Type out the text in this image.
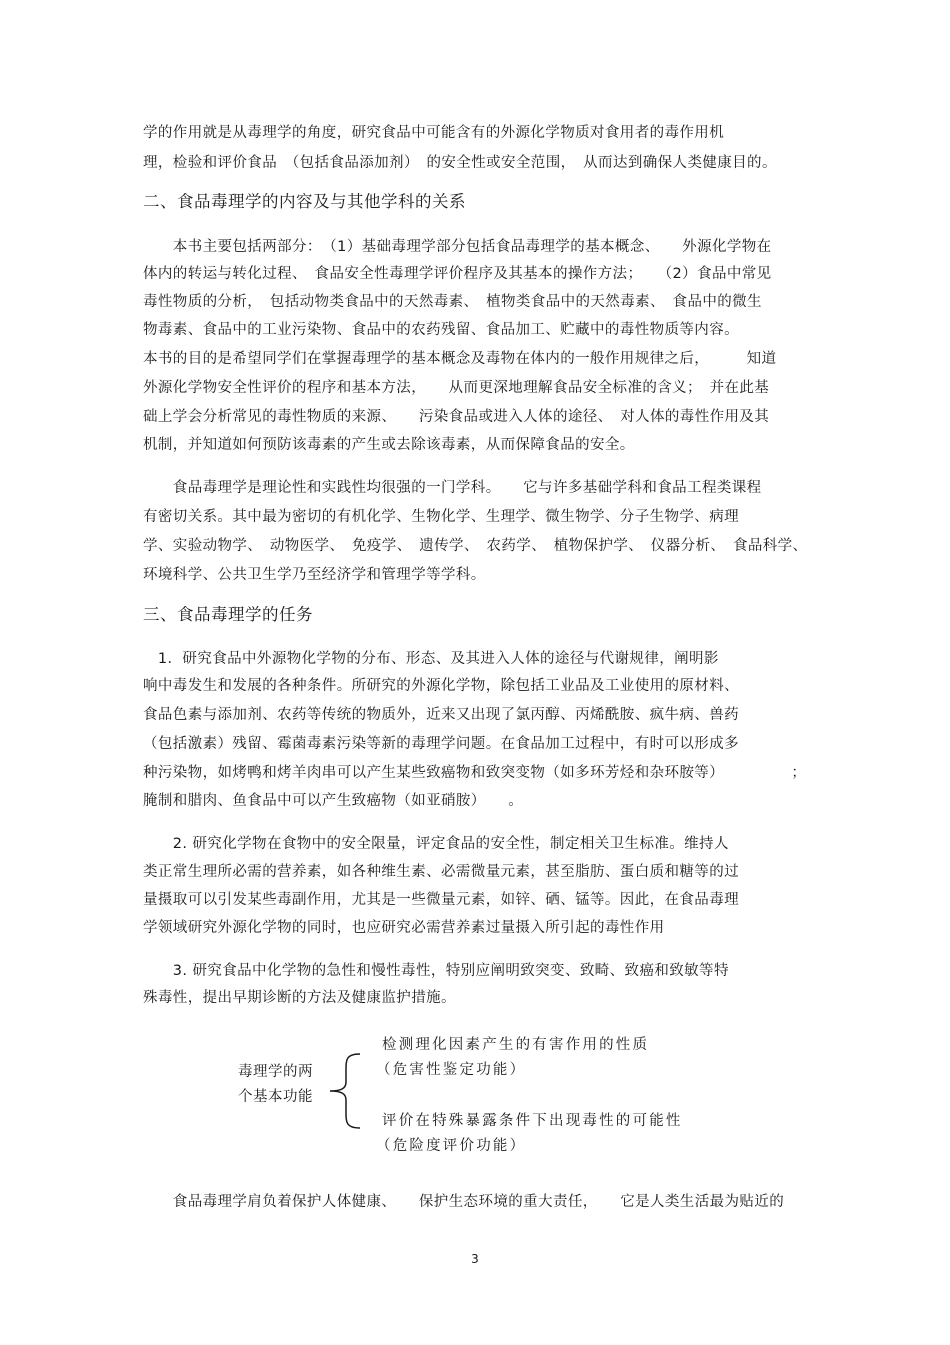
学的作用就是从毒理学的角度，研究食品中可能含有的外源化学物质对食用者的毒作用机
理，检验和评价食品　（包括食品添加剂）　的安全性或安全范围，　从而达到确保人类健康目的。
二、食品毒理学的内容及与其他学科的关系
　　本书主要包括两部分：　（1）基础毒理学部分包括食品毒理学的基本概念、　　外源化学物在
体内的转运与转化过程、　食品安全性毒理学评价程序及其基本的操作方法；　　（2）食品中常见
毒性物质的分析，　包括动物类食品中的天然毒素、　植物类食品中的天然毒素、　食品中的微生
物毒素、食品中的工业污染物、食品中的农药残留、食品加工、贮藏中的毒性物质等内容。
本书的目的是希望同学们在掌握毒理学的基本概念及毒物在体内的一般作用规律之后，　　　知道
外源化学物安全性评价的程序和基本方法，　　从而更深地理解食品安全标准的含义；　并在此基
础上学会分析常见的毒性物质的来源、　　污染食品或进入人体的途径、　对人体的毒性作用及其
机制，并知道如何预防该毒素的产生或去除该毒素，从而保障食品的安全。
　　食品毒理学是理论性和实践性均很强的一门学科。　　它与许多基础学科和食品工程类课程
有密切关系。其中最为密切的有机化学、生物化学、生理学、微生物学、分子生物学、病理
学、实验动物学、　动物医学、　免疫学、　遗传学、　农药学、　植物保护学、　仪器分析、　食品科学、
环境科学、公共卫生学乃至经济学和管理学等学科。
三、食品毒理学的任务
　1．研究食品中外源物化学物的分布、形态、及其进入人体的途径与代谢规律，阐明影
响中毒发生和发展的各种条件。所研究的外源化学物，除包括工业品及工业使用的原材料、
食品色素与添加剂、农药等传统的物质外，近来又出现了氯丙醇、丙烯酰胺、疯牛病、兽药
（包括激素）残留、霉菌毒素污染等新的毒理学问题。在食品加工过程中，有时可以形成多
种污染物，如烤鸭和烤羊肉串可以产生某些致癌物和致突变物（如多环芳烃和杂环胺等）　　　　　；
腌制和腊肉、鱼食品中可以产生致癌物（如亚硝胺）　　。
　　2. 研究化学物在食物中的安全限量，评定食品的安全性，制定相关卫生标准。维持人
类正常生理所必需的营养素，如各种维生素、必需微量元素，甚至脂肪、蛋白质和糖等的过
量摄取可以引发某些毒副作用，尤其是一些微量元素，如锌、硒、锰等。因此，在食品毒理
学领域研究外源化学物的同时，也应研究必需营养素过量摄入所引起的毒性作用
　　3. 研究食品中化学物的急性和慢性毒性，特别应阐明致突变、致畸、致癌和致敏等特
殊毒性，提出早期诊断的方法及健康监护措施。
毒理学的两
个基本功能
检测理化因素产生的有害作用的性质
（危害性鉴定功能）
评价在特殊暴露条件下出现毒性的可能性
（危险度评价功能）
　　食品毒理学肩负着保护人体健康、　　保护生态环境的重大责任，　　它是人类生活最为贴近的
3
